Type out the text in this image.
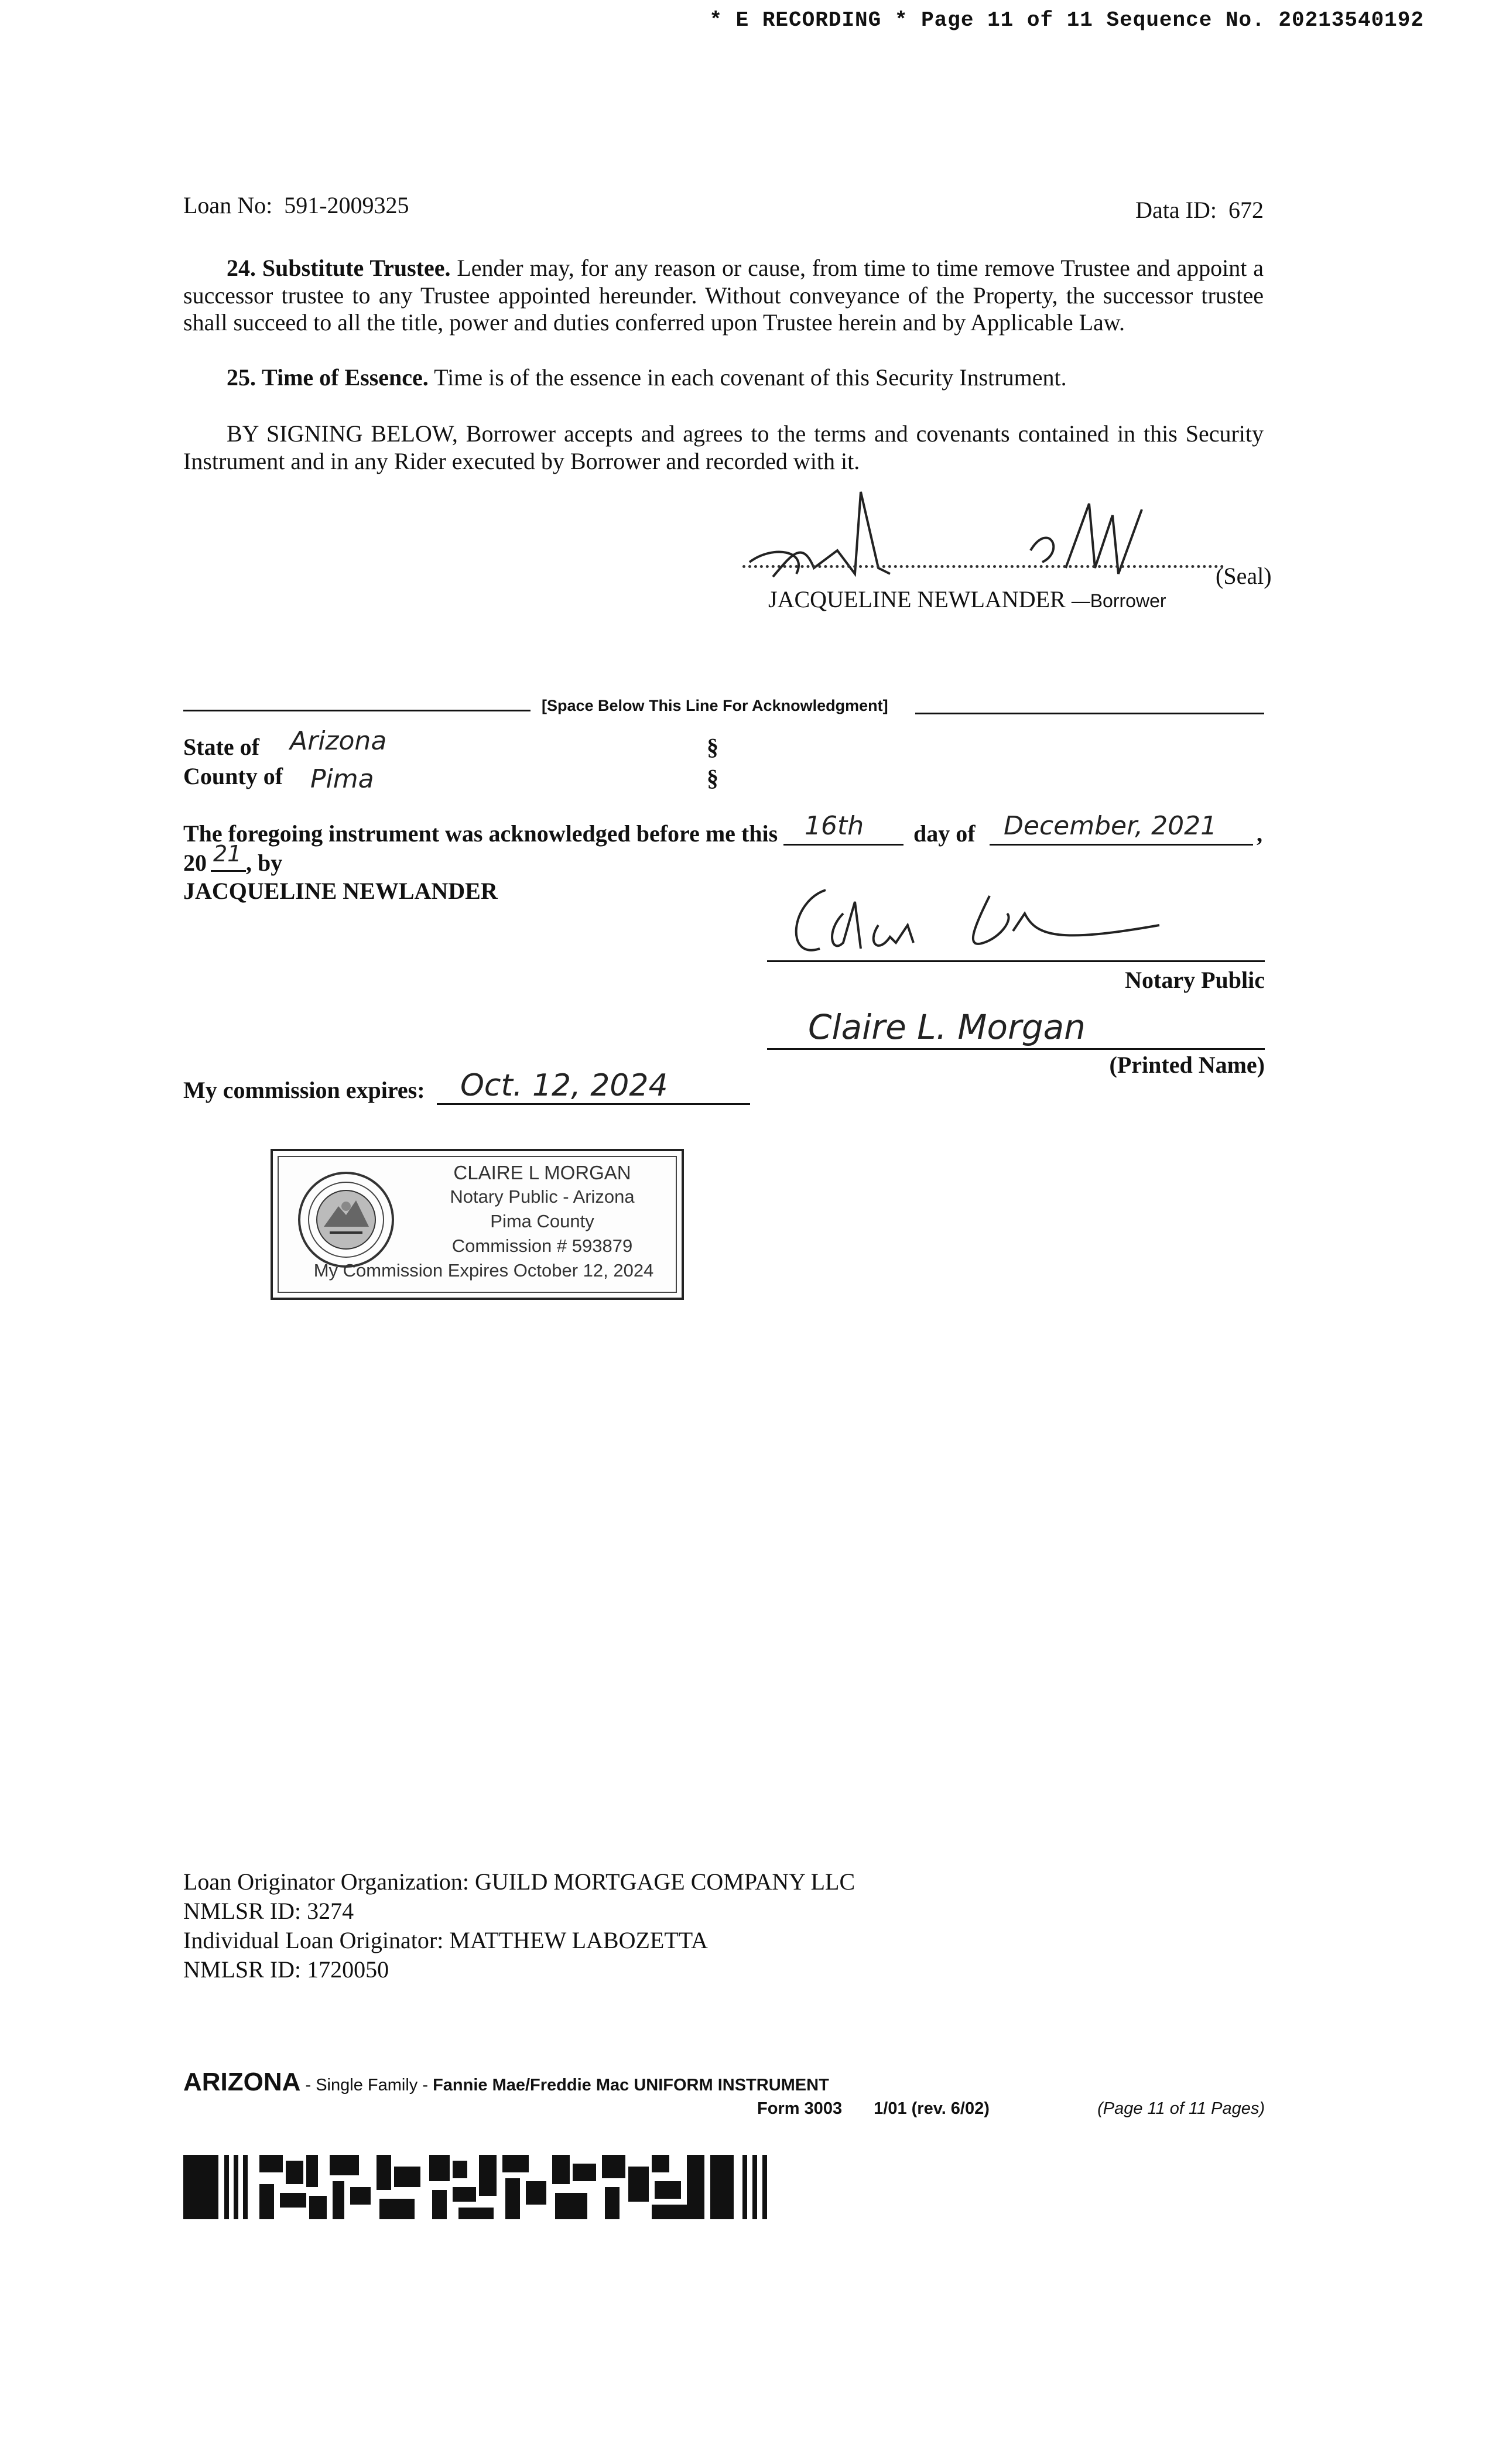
* E RECORDING * Page 11 of 11 Sequence No. 20213540192
Loan No: 591-2009325	Data ID: 672
24. Substitute Trustee. Lender may, for any reason or cause, from time to time remove Trustee and appoint a successor trustee to any Trustee appointed hereunder. Without conveyance of the Property, the successor trustee shall succeed to all the title, power and duties conferred upon Trustee herein and by Applicable Law.
25. Time of Essence. Time is of the essence in each covenant of this Security Instrument.
BY SIGNING BELOW, Borrower accepts and agrees to the terms and covenants contained in this Security Instrument and in any Rider executed by Borrower and recorded with it.
(Seal)
JACQUELINE NEWLANDER —Borrower
[Space Below This Line For Acknowledgment]
State of Arizona	§
County of Pima	§
The foregoing instrument was acknowledged before me this 16th day of December, 2021 ,
20 21 , by
JACQUELINE NEWLANDER
Notary Public
Claire L. Morgan
(Printed Name)
My commission expires: Oct. 12, 2024
CLAIRE L MORGAN
Notary Public - Arizona
Pima County
Commission # 593879
My Commission Expires October 12, 2024
Loan Originator Organization: GUILD MORTGAGE COMPANY LLC
NMLSR ID: 3274
Individual Loan Originator: MATTHEW LABOZETTA
NMLSR ID: 1720050
ARIZONA - Single Family - Fannie Mae/Freddie Mac UNIFORM INSTRUMENT
Form 3003 1/01 (rev. 6/02)	(Page 11 of 11 Pages)
